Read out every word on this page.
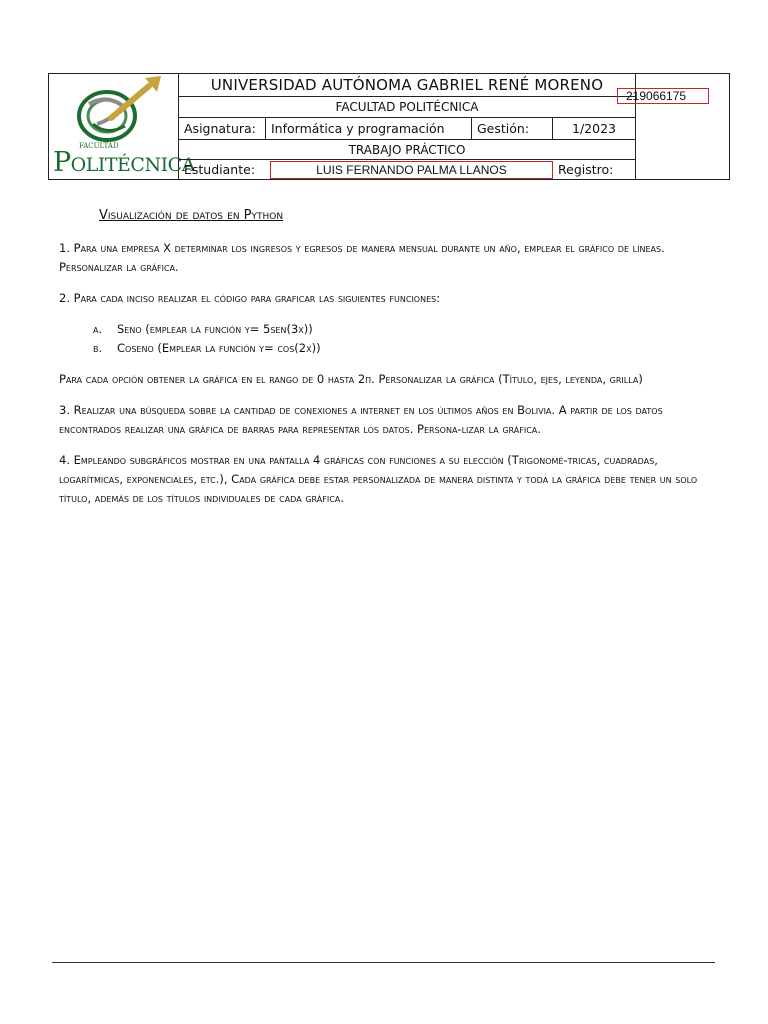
FACULTAD
POLITÉCNICA
UNIVERSIDAD AUTÓNOMA GABRIEL RENÉ MORENO
FACULTAD POLITÉCNICA
Asignatura:	Informática y programación	Gestión:	1/2023
TRABAJO PRÁCTICO
Estudiante:	LUIS FERNANDO PALMA LLANOS	Registro:
219066175

Visualización de datos en Python

1. Para una empresa X determinar los ingresos y egresos de manera mensual durante un año, emplear el gráfico de líneas. Personalizar la gráfica.

2. Para cada inciso realizar el código para graficar las siguientes funciones:

a.	Seno (emplear la función y= 5sen(3x))
b.	Coseno (Emplear la función y= cos(2x))

Para cada opción obtener la gráfica en el rango de 0 hasta 2π. Personalizar la gráfica (Título, ejes, leyenda, grilla)

3. Realizar una búsqueda sobre la cantidad de conexiones a internet en los últimos años en Bolivia. A partir de los datos encontrados realizar una gráfica de barras para representar los datos. Persona-lizar la gráfica.

4. Empleando subgráficos mostrar en una pantalla 4 gráficas con funciones a su elección (Trigonomé-tricas, cuadradas, logarítmicas, exponenciales, etc.), Cada gráfica debe estar personalizada de manera distinta y toda la gráfica debe tener un solo título, además de los títulos individuales de cada gráfica.
